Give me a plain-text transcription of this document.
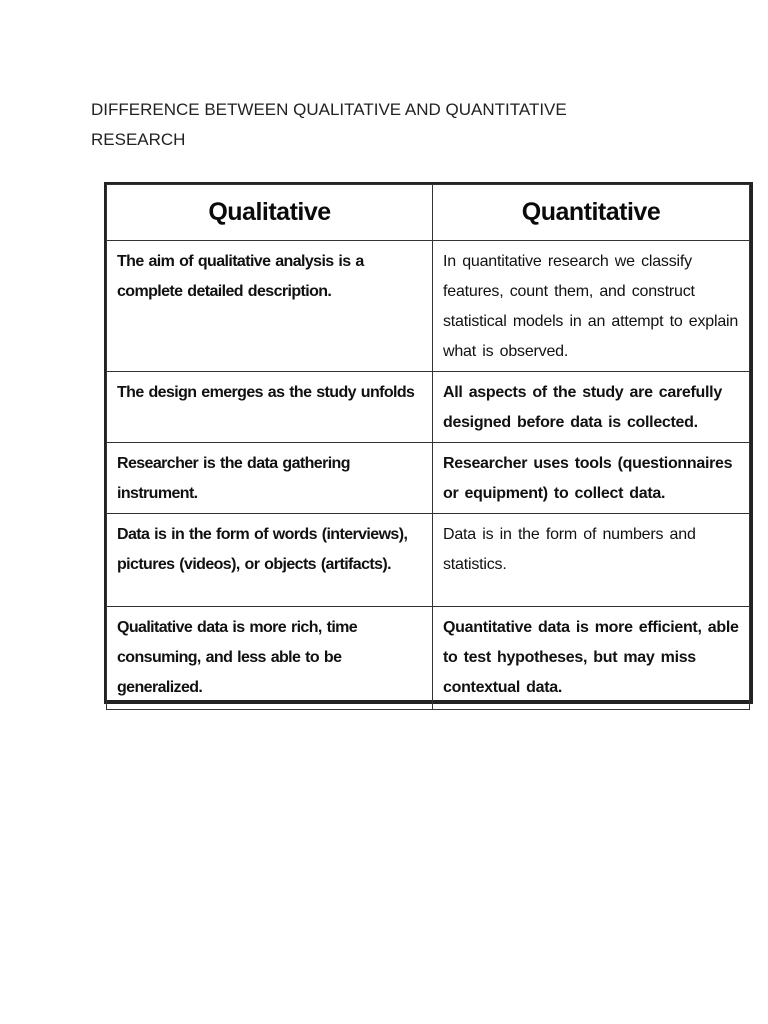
DIFFERENCE BETWEEN QUALITATIVE AND QUANTITATIVE RESEARCH
Qualitative	Quantitative
The aim of qualitative analysis is a complete detailed description.	In quantitative research we classify features, count them, and construct statistical models in an attempt to explain what is observed.
The design emerges as the study unfolds	All aspects of the study are carefully designed before data is collected.
Researcher is the data gathering instrument.	Researcher uses tools (questionnaires or equipment) to collect data.
Data is in the form of words (interviews), pictures (videos), or objects (artifacts).	Data is in the form of numbers and statistics.
Qualitative data is more rich, time consuming, and less able to be generalized.	Quantitative data is more efficient, able to test hypotheses, but may miss contextual data.
